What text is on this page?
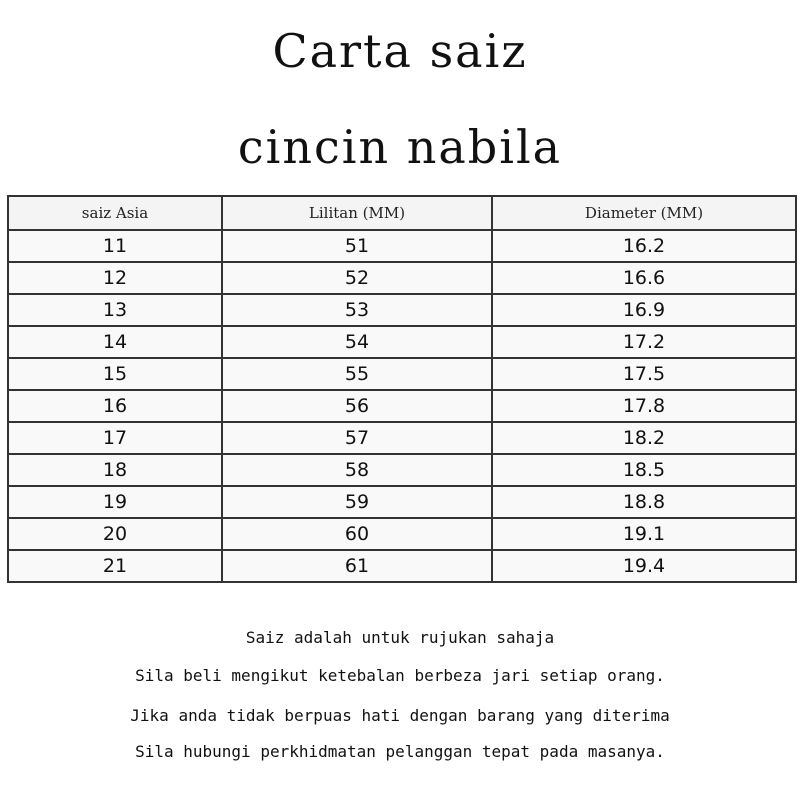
Carta saiz
cincin nabila
saiz Asia	Lilitan (MM)	Diameter (MM)
11	51	16.2
12	52	16.6
13	53	16.9
14	54	17.2
15	55	17.5
16	56	17.8
17	57	18.2
18	58	18.5
19	59	18.8
20	60	19.1
21	61	19.4
Saiz adalah untuk rujukan sahaja
Sila beli mengikut ketebalan berbeza jari setiap orang.
Jika anda tidak berpuas hati dengan barang yang diterima
Sila hubungi perkhidmatan pelanggan tepat pada masanya.
